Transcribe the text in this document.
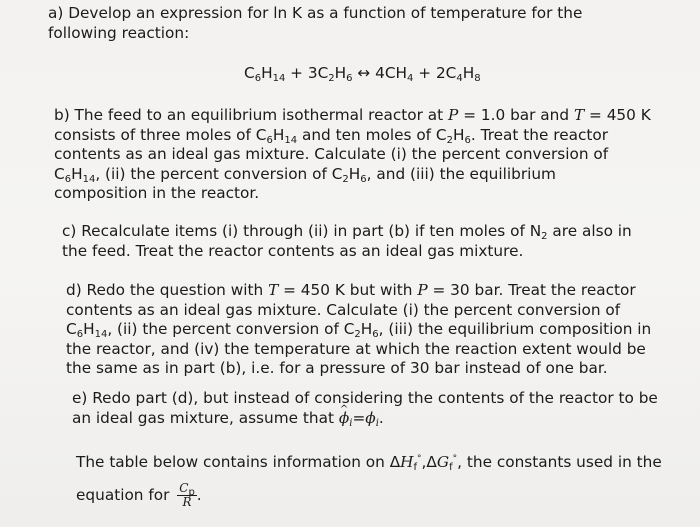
a) Develop an expression for ln K as a function of temperature for the
following reaction:
$C_6H_{14} + 3C_2H_6$ ↔ $4CH_4 + 2C_4H_8$
b) The feed to an equilibrium isothermal reactor at P = 1.0 bar and T = 450 K
consists of three moles of $C_6H_{14}$ and ten moles of $C_2H_6$. Treat the reactor
contents as an ideal gas mixture. Calculate (i) the percent conversion of
$C_6H_{14}$, (ii) the percent conversion of $C_2H_6$, and (iii) the equilibrium
composition in the reactor.
c) Recalculate items (i) through (ii) in part (b) if ten moles of $N_2$ are also in
the feed. Treat the reactor contents as an ideal gas mixture.
d) Redo the question with T = 450 K but with P = 30 bar. Treat the reactor
contents as an ideal gas mixture. Calculate (i) the percent conversion of
$C_6H_{14}$, (ii) the percent conversion of $C_2H_6$, (iii) the equilibrium composition in
the reactor, and (iv) the temperature at which the reaction extent would be
the same as in part (b), i.e. for a pressure of 30 bar instead of one bar.
e) Redo part (d), but instead of considering the contents of the reactor to be
an ideal gas mixture, assume that ^ $\phi_i=\phi_i$.
The table below contains information on $\Delta H_f^\circ,\Delta G_f^\circ$, the constants used in the
equation for $\frac{C_p}{R}$ .
